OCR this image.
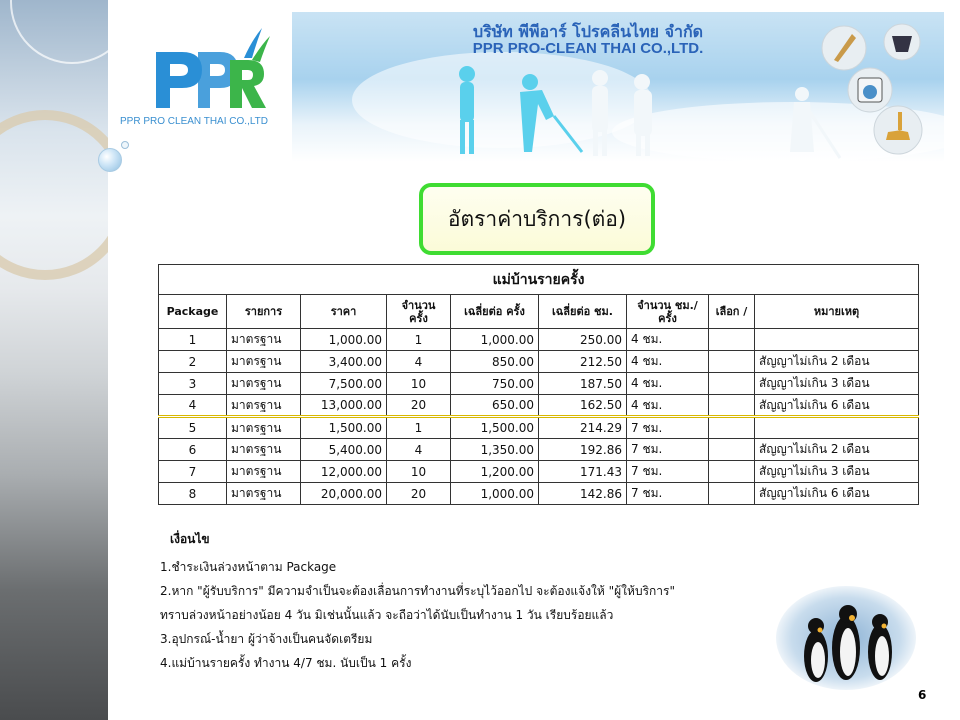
PPR PRO CLEAN THAI CO.,LTD
บริษัท พีพีอาร์ โปรคลีนไทย จำกัด
PPR PRO-CLEAN THAI CO.,LTD.
อัตราค่าบริการ(ต่อ)
แม่บ้านรายครั้ง								
Package	รายการ	ราคา	จำนวน ครั้ง	เฉลี่ยต่อ ครั้ง	เฉลี่ยต่อ ชม.	จำนวน ชม./ครั้ง	เลือก /	หมายเหตุ
1	มาตรฐาน	1,000.00	1	1,000.00	250.00	4 ชม.		
2	มาตรฐาน	3,400.00	4	850.00	212.50	4 ชม.		สัญญาไม่เกิน 2 เดือน
3	มาตรฐาน	7,500.00	10	750.00	187.50	4 ชม.		สัญญาไม่เกิน 3 เดือน
4	มาตรฐาน	13,000.00	20	650.00	162.50	4 ชม.		สัญญาไม่เกิน 6 เดือน
5	มาตรฐาน	1,500.00	1	1,500.00	214.29	7 ชม.		
6	มาตรฐาน	5,400.00	4	1,350.00	192.86	7 ชม.		สัญญาไม่เกิน 2 เดือน
7	มาตรฐาน	12,000.00	10	1,200.00	171.43	7 ชม.		สัญญาไม่เกิน 3 เดือน
8	มาตรฐาน	20,000.00	20	1,000.00	142.86	7 ชม.		สัญญาไม่เกิน 6 เดือน
เงื่อนไข
1.ชำระเงินล่วงหน้าตาม Package
2.หาก "ผู้รับบริการ" มีความจำเป็นจะต้องเลื่อนการทำงานที่ระบุไว้ออกไป จะต้องแจ้งให้ "ผู้ให้บริการ"
ทราบล่วงหน้าอย่างน้อย 4 วัน มิเช่นนั้นแล้ว จะถือว่าได้นับเป็นทำงาน 1 วัน เรียบร้อยแล้ว
3.อุปกรณ์-น้ำยา ผู้ว่าจ้างเป็นคนจัดเตรียม
4.แม่บ้านรายครั้ง ทำงาน 4/7 ชม. นับเป็น 1 ครั้ง
6
